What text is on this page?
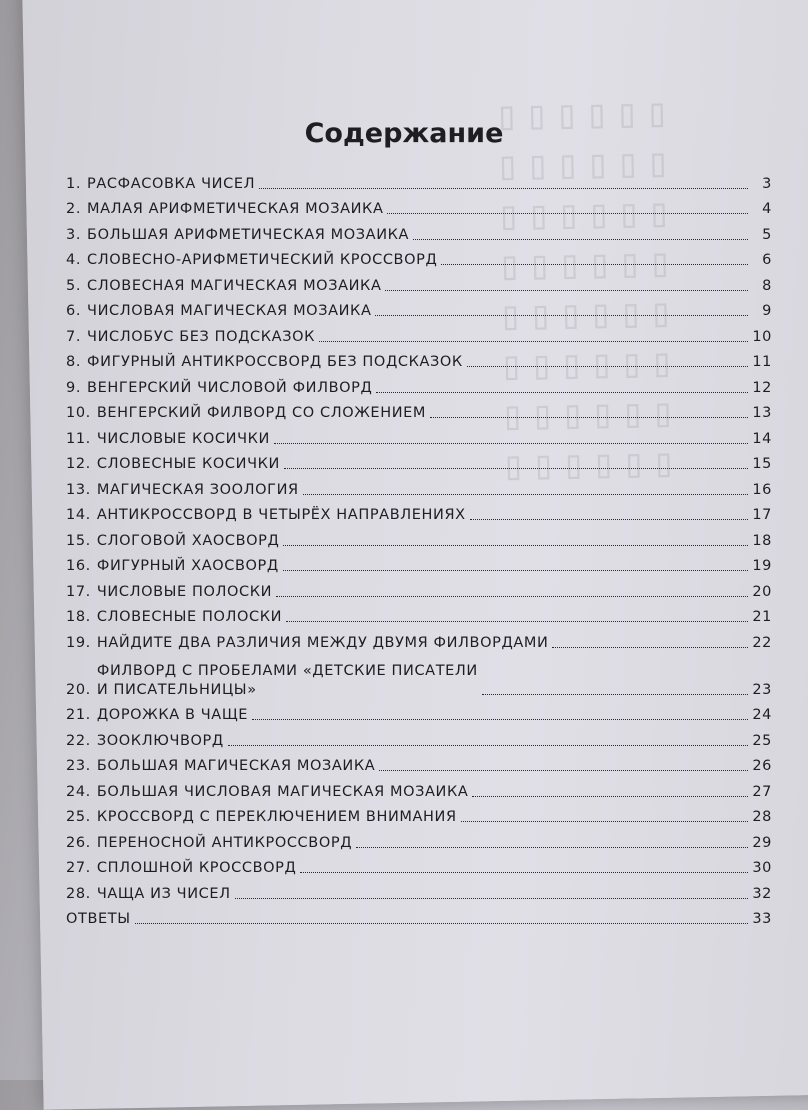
▯▯▯▯▯▯
▯▯▯▯▯▯
▯▯▯▯▯▯
▯▯▯▯▯▯
▯▯▯▯▯▯
▯▯▯▯▯▯
▯▯▯▯▯▯
▯▯▯▯▯▯
Содержание
1. РАСФАСОВКА ЧИСЕЛ	3
2. МАЛАЯ АРИФМЕТИЧЕСКАЯ МОЗАИКА	4
3. БОЛЬШАЯ АРИФМЕТИЧЕСКАЯ МОЗАИКА	5
4. СЛОВЕСНО-АРИФМЕТИЧЕСКИЙ КРОССВОРД	6
5. СЛОВЕСНАЯ МАГИЧЕСКАЯ МОЗАИКА	8
6. ЧИСЛОВАЯ МАГИЧЕСКАЯ МОЗАИКА	9
7. ЧИСЛОБУС БЕЗ ПОДСКАЗОК	10
8. ФИГУРНЫЙ АНТИКРОССВОРД БЕЗ ПОДСКАЗОК	11
9. ВЕНГЕРСКИЙ ЧИСЛОВОЙ ФИЛВОРД	12
10. ВЕНГЕРСКИЙ ФИЛВОРД СО СЛОЖЕНИЕМ	13
11. ЧИСЛОВЫЕ КОСИЧКИ	14
12. СЛОВЕСНЫЕ КОСИЧКИ	15
13. МАГИЧЕСКАЯ ЗООЛОГИЯ	16
14. АНТИКРОССВОРД В ЧЕТЫРЁХ НАПРАВЛЕНИЯХ	17
15. СЛОГОВОЙ ХАОСВОРД	18
16. ФИГУРНЫЙ ХАОСВОРД	19
17. ЧИСЛОВЫЕ ПОЛОСКИ	20
18. СЛОВЕСНЫЕ ПОЛОСКИ	21
19. НАЙДИТЕ ДВА РАЗЛИЧИЯ МЕЖДУ ДВУМЯ ФИЛВОРДАМИ	22
20.
ФИЛВОРД С ПРОБЕЛАМИ «ДЕТСКИЕ ПИСАТЕЛИ
И ПИСАТЕЛЬНИЦЫ»	23
21. ДОРОЖКА В ЧАЩЕ	24
22. ЗООКЛЮЧВОРД	25
23. БОЛЬШАЯ МАГИЧЕСКАЯ МОЗАИКА	26
24. БОЛЬШАЯ ЧИСЛОВАЯ МАГИЧЕСКАЯ МОЗАИКА	27
25. КРОССВОРД С ПЕРЕКЛЮЧЕНИЕМ ВНИМАНИЯ	28
26. ПЕРЕНОСНОЙ АНТИКРОССВОРД	29
27. СПЛОШНОЙ КРОССВОРД	30
28. ЧАЩА ИЗ ЧИСЕЛ	32
ОТВЕТЫ	33
